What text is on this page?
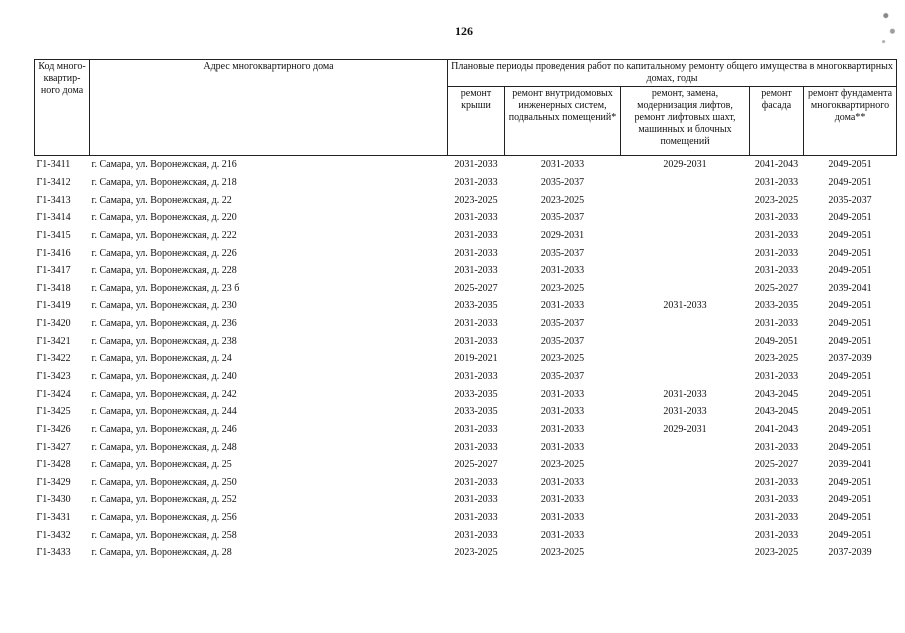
126
Код много-квартир-ного дома	Адрес многоквартирного дома	Плановые периоды проведения работ по капитальному ремонту общего имущества в многоквартирных домах, годы				
		ремонт крыши	ремонт внутридомовых инженерных систем, подвальных помещений*	ремонт, замена, модернизация лифтов, ремонт лифтовых шахт, машинных и блочных помещений	ремонт фасада	ремонт фундамента многоквартирного дома**
Г1-3411	г. Самара, ул. Воронежская, д. 216	2031-2033	2031-2033	2029-2031	2041-2043	2049-2051
Г1-3412	г. Самара, ул. Воронежская, д. 218	2031-2033	2035-2037		2031-2033	2049-2051
Г1-3413	г. Самара, ул. Воронежская, д. 22	2023-2025	2023-2025		2023-2025	2035-2037
Г1-3414	г. Самара, ул. Воронежская, д. 220	2031-2033	2035-2037		2031-2033	2049-2051
Г1-3415	г. Самара, ул. Воронежская, д. 222	2031-2033	2029-2031		2031-2033	2049-2051
Г1-3416	г. Самара, ул. Воронежская, д. 226	2031-2033	2035-2037		2031-2033	2049-2051
Г1-3417	г. Самара, ул. Воронежская, д. 228	2031-2033	2031-2033		2031-2033	2049-2051
Г1-3418	г. Самара, ул. Воронежская, д. 23 б	2025-2027	2023-2025		2025-2027	2039-2041
Г1-3419	г. Самара, ул. Воронежская, д. 230	2033-2035	2031-2033	2031-2033	2033-2035	2049-2051
Г1-3420	г. Самара, ул. Воронежская, д. 236	2031-2033	2035-2037		2031-2033	2049-2051
Г1-3421	г. Самара, ул. Воронежская, д. 238	2031-2033	2035-2037		2049-2051	2049-2051
Г1-3422	г. Самара, ул. Воронежская, д. 24	2019-2021	2023-2025		2023-2025	2037-2039
Г1-3423	г. Самара, ул. Воронежская, д. 240	2031-2033	2035-2037		2031-2033	2049-2051
Г1-3424	г. Самара, ул. Воронежская, д. 242	2033-2035	2031-2033	2031-2033	2043-2045	2049-2051
Г1-3425	г. Самара, ул. Воронежская, д. 244	2033-2035	2031-2033	2031-2033	2043-2045	2049-2051
Г1-3426	г. Самара, ул. Воронежская, д. 246	2031-2033	2031-2033	2029-2031	2041-2043	2049-2051
Г1-3427	г. Самара, ул. Воронежская, д. 248	2031-2033	2031-2033		2031-2033	2049-2051
Г1-3428	г. Самара, ул. Воронежская, д. 25	2025-2027	2023-2025		2025-2027	2039-2041
Г1-3429	г. Самара, ул. Воронежская, д. 250	2031-2033	2031-2033		2031-2033	2049-2051
Г1-3430	г. Самара, ул. Воронежская, д. 252	2031-2033	2031-2033		2031-2033	2049-2051
Г1-3431	г. Самара, ул. Воронежская, д. 256	2031-2033	2031-2033		2031-2033	2049-2051
Г1-3432	г. Самара, ул. Воронежская, д. 258	2031-2033	2031-2033		2031-2033	2049-2051
Г1-3433	г. Самара, ул. Воронежская, д. 28	2023-2025	2023-2025		2023-2025	2037-2039
